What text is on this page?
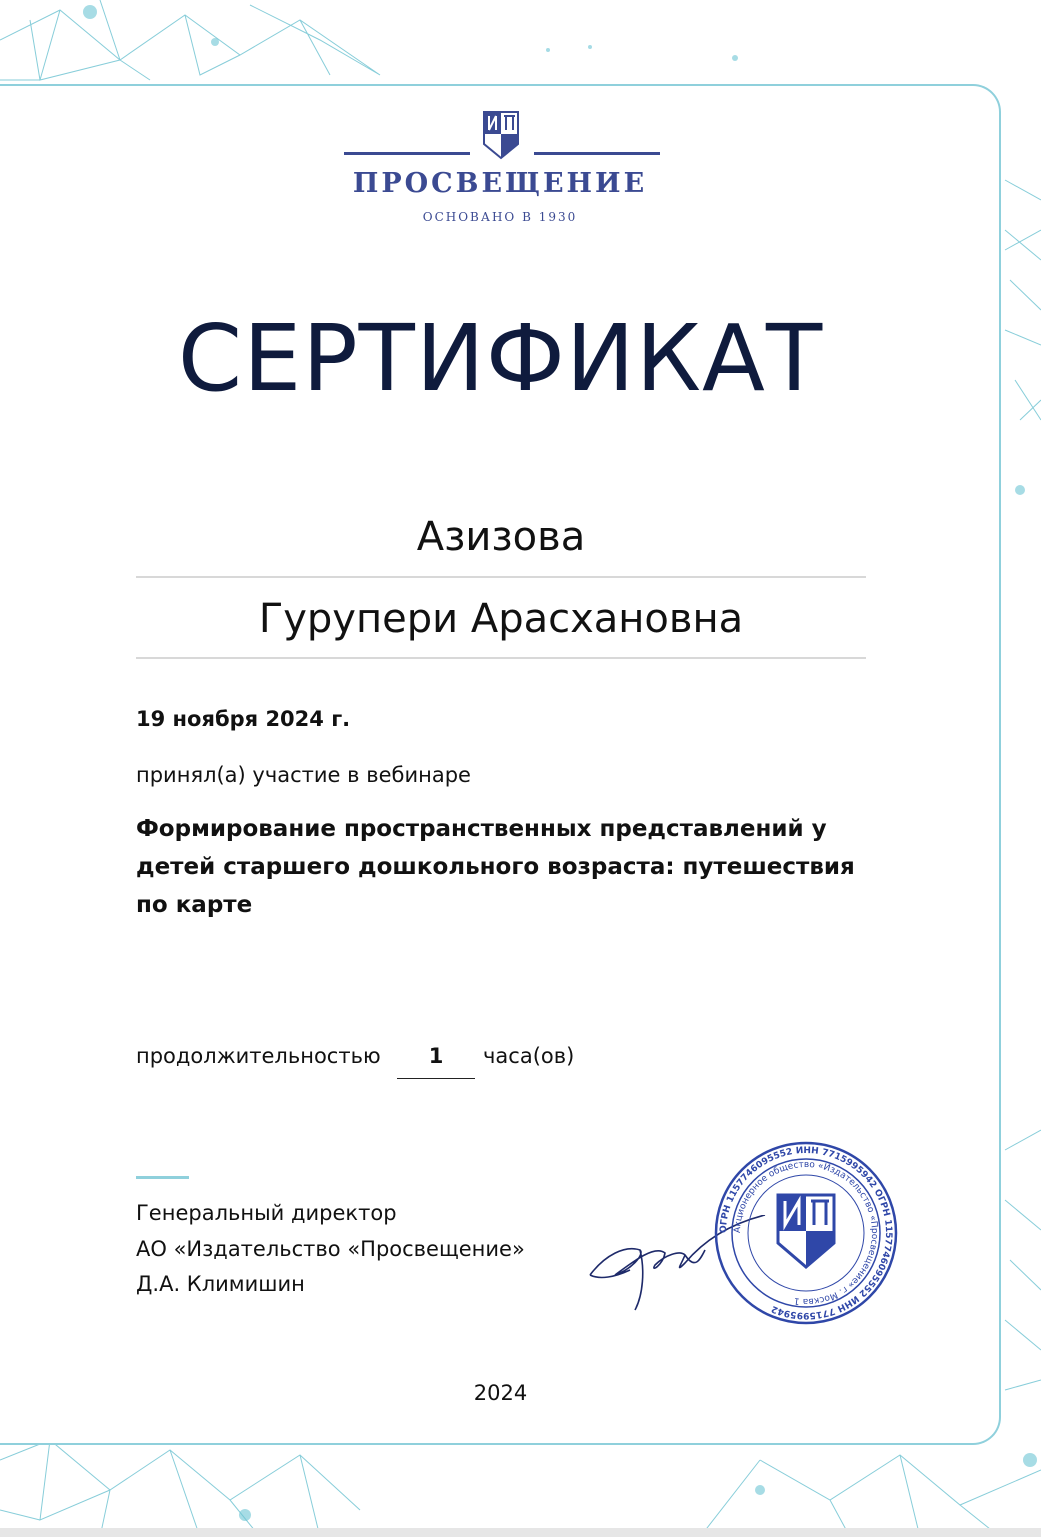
ПРОСВЕЩЕНИЕ
ОСНОВАНО В 1930
СЕРТИФИКАТ
Азизова
Гурупери Арасхановна
19 ноября 2024 г.
принял(а) участие в вебинаре
Формирование пространственных представлений у детей старшего дошкольного возраста: путешествия по карте
продолжительностью	1	часа(ов)
Генеральный директор
АО «Издательство «Просвещение»
Д.А. Климишин
ОГРН 1157746095552 ИНН 7715995942 ОГРН 1157746095552 ИНН 7715995942
Акционерное общество «Издательство «Просвещение» г. Москва 1
2024
